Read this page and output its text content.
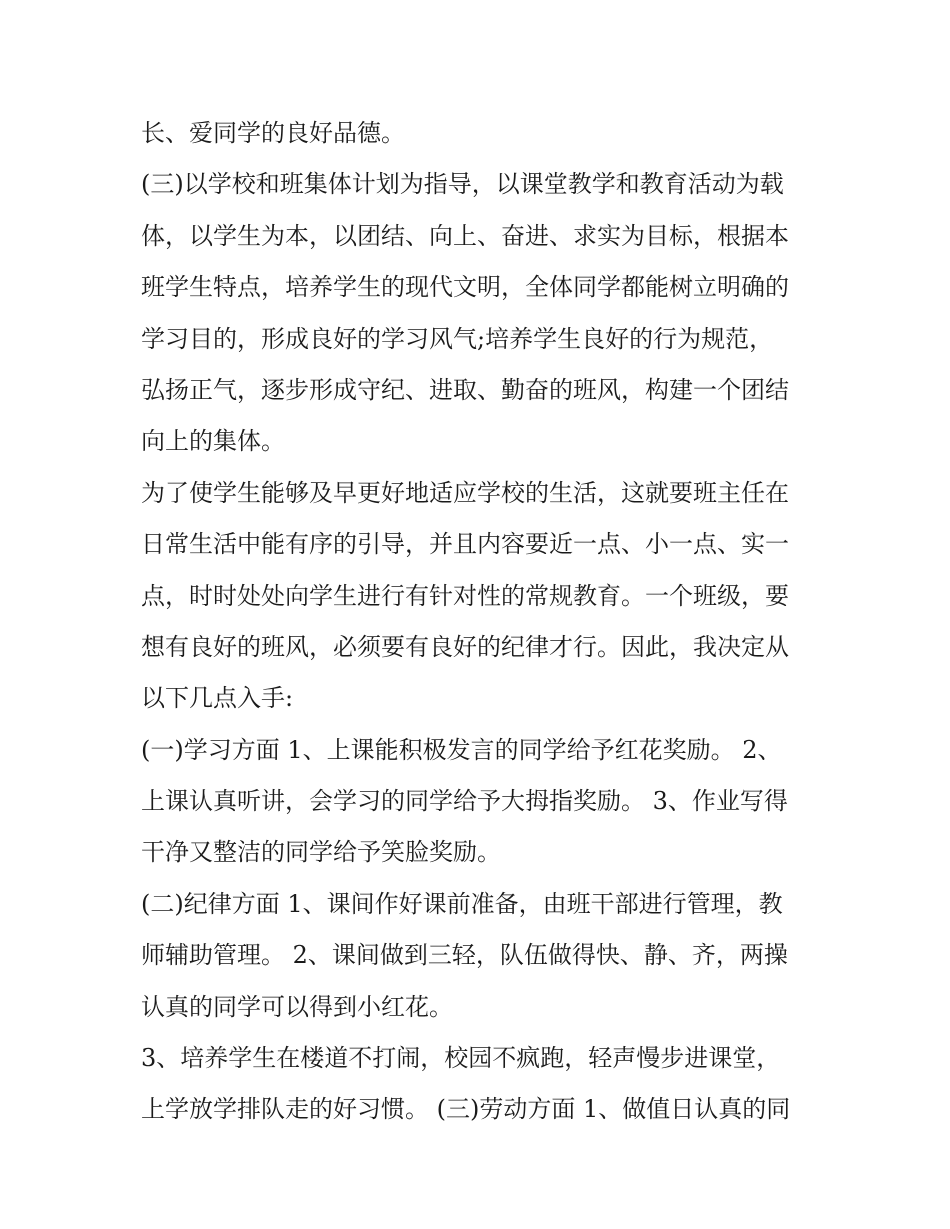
长、爱同学的良好品德。
(三)以学校和班集体计划为指导，以课堂教学和教育活动为载
体，以学生为本，以团结、向上、奋进、求实为目标，根据本
班学生特点，培养学生的现代文明，全体同学都能树立明确的
学习目的，形成良好的学习风气;培养学生良好的行为规范，
弘扬正气，逐步形成守纪、进取、勤奋的班风，构建一个团结
向上的集体。
为了使学生能够及早更好地适应学校的生活，这就要班主任在
日常生活中能有序的引导，并且内容要近一点、小一点、实一
点，时时处处向学生进行有针对性的常规教育。一个班级，要
想有良好的班风，必须要有良好的纪律才行。因此，我决定从
以下几点入手:
(一)学习方面 1、上课能积极发言的同学给予红花奖励。 2、
上课认真听讲，会学习的同学给予大拇指奖励。 3、作业写得
干净又整洁的同学给予笑脸奖励。
(二)纪律方面 1、课间作好课前准备，由班干部进行管理，教
师辅助管理。 2、课间做到三轻，队伍做得快、静、齐，两操
认真的同学可以得到小红花。
3、培养学生在楼道不打闹，校园不疯跑，轻声慢步进课堂，
上学放学排队走的好习惯。 (三)劳动方面 1、做值日认真的同
